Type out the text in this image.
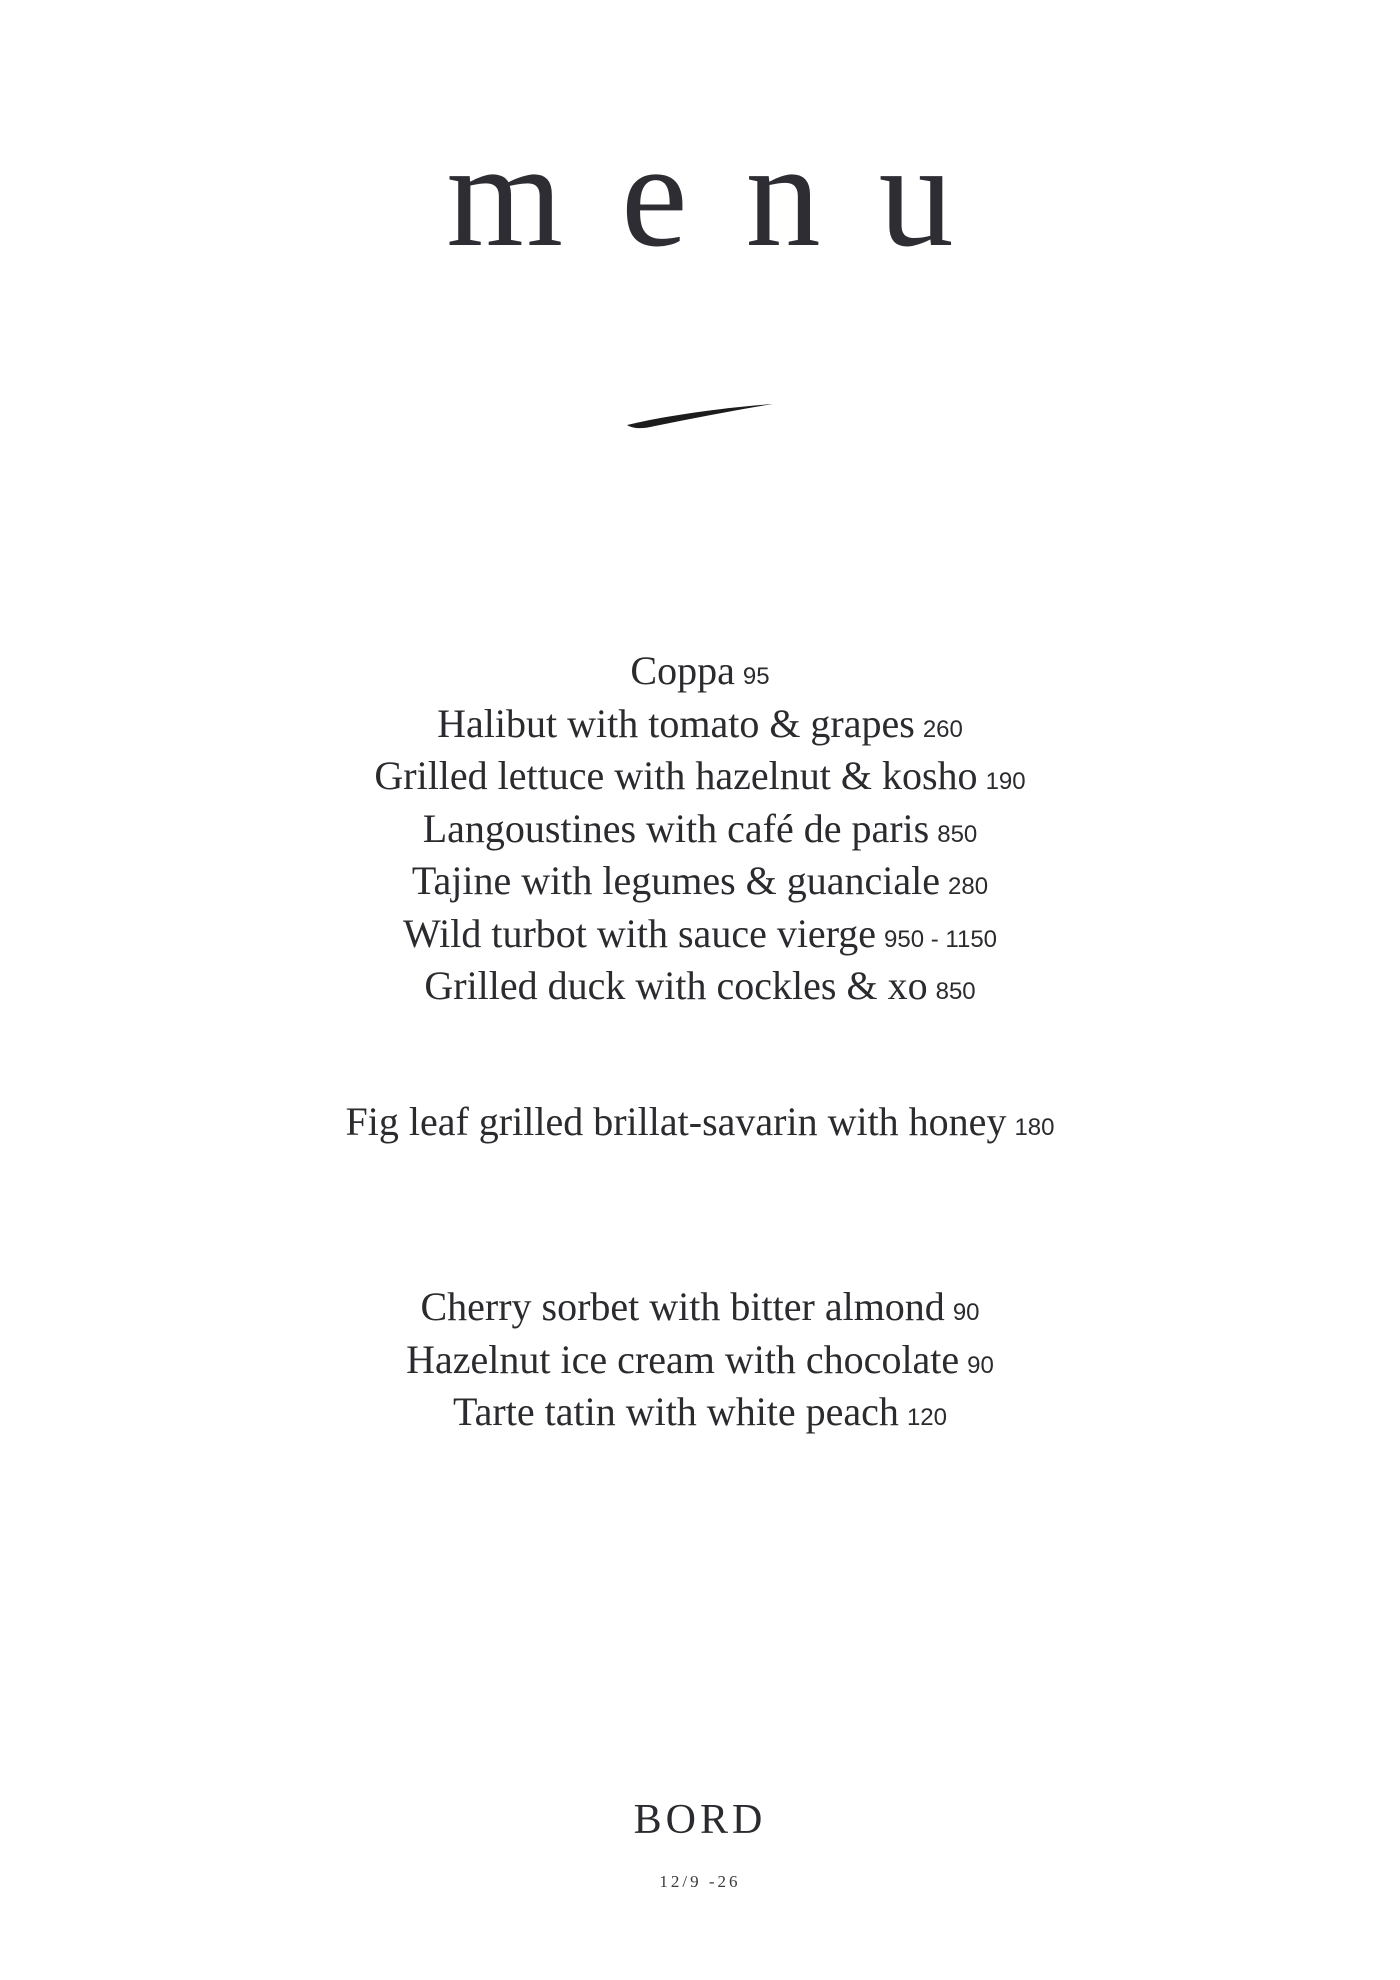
menu
Coppa 95
Halibut with tomato & grapes 260
Grilled lettuce with hazelnut & kosho 190
Langoustines with café de paris 850
Tajine with legumes & guanciale 280
Wild turbot with sauce vierge 950 - 1150
Grilled duck with cockles & xo 850
Fig leaf grilled brillat-savarin with honey 180
Cherry sorbet with bitter almond 90
Hazelnut ice cream with chocolate 90
Tarte tatin with white peach 120
BORD
12/9 -26
